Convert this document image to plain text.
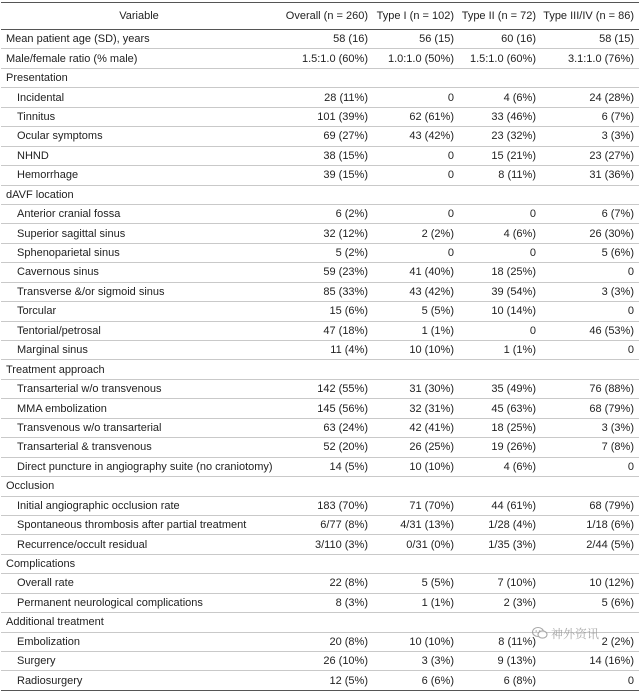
Variable	Overall (n = 260)	Type I (n = 102)	Type II (n = 72)	Type III/IV (n = 86)
Mean patient age (SD), years	58 (16)	56 (15)	60 (16)	58 (15)
Male/female ratio (% male)	1.5:1.0 (60%)	1.0:1.0 (50%)	1.5:1.0 (60%)	3.1:1.0 (76%)
Presentation				
Incidental	28 (11%)	0	4 (6%)	24 (28%)
Tinnitus	101 (39%)	62 (61%)	33 (46%)	6 (7%)
Ocular symptoms	69 (27%)	43 (42%)	23 (32%)	3 (3%)
NHND	38 (15%)	0	15 (21%)	23 (27%)
Hemorrhage	39 (15%)	0	8 (11%)	31 (36%)
dAVF location				
Anterior cranial fossa	6 (2%)	0	0	6 (7%)
Superior sagittal sinus	32 (12%)	2 (2%)	4 (6%)	26 (30%)
Sphenoparietal sinus	5 (2%)	0	0	5 (6%)
Cavernous sinus	59 (23%)	41 (40%)	18 (25%)	0
Transverse &/or sigmoid sinus	85 (33%)	43 (42%)	39 (54%)	3 (3%)
Torcular	15 (6%)	5 (5%)	10 (14%)	0
Tentorial/petrosal	47 (18%)	1 (1%)	0	46 (53%)
Marginal sinus	11 (4%)	10 (10%)	1 (1%)	0
Treatment approach				
Transarterial w/o transvenous	142 (55%)	31 (30%)	35 (49%)	76 (88%)
MMA embolization	145 (56%)	32 (31%)	45 (63%)	68 (79%)
Transvenous w/o transarterial	63 (24%)	42 (41%)	18 (25%)	3 (3%)
Transarterial & transvenous	52 (20%)	26 (25%)	19 (26%)	7 (8%)
Direct puncture in angiography suite (no craniotomy)	14 (5%)	10 (10%)	4 (6%)	0
Occlusion				
Initial angiographic occlusion rate	183 (70%)	71 (70%)	44 (61%)	68 (79%)
Spontaneous thrombosis after partial treatment	6/77 (8%)	4/31 (13%)	1/28 (4%)	1/18 (6%)
Recurrence/occult residual	3/110 (3%)	0/31 (0%)	1/35 (3%)	2/44 (5%)
Complications				
Overall rate	22 (8%)	5 (5%)	7 (10%)	10 (12%)
Permanent neurological complications	8 (3%)	1 (1%)	2 (3%)	5 (6%)
Additional treatment				
Embolization	20 (8%)	10 (10%)	8 (11%)	2 (2%)
Surgery	26 (10%)	3 (3%)	9 (13%)	14 (16%)
Radiosurgery	12 (5%)	6 (6%)	6 (8%)	0
神外资讯
